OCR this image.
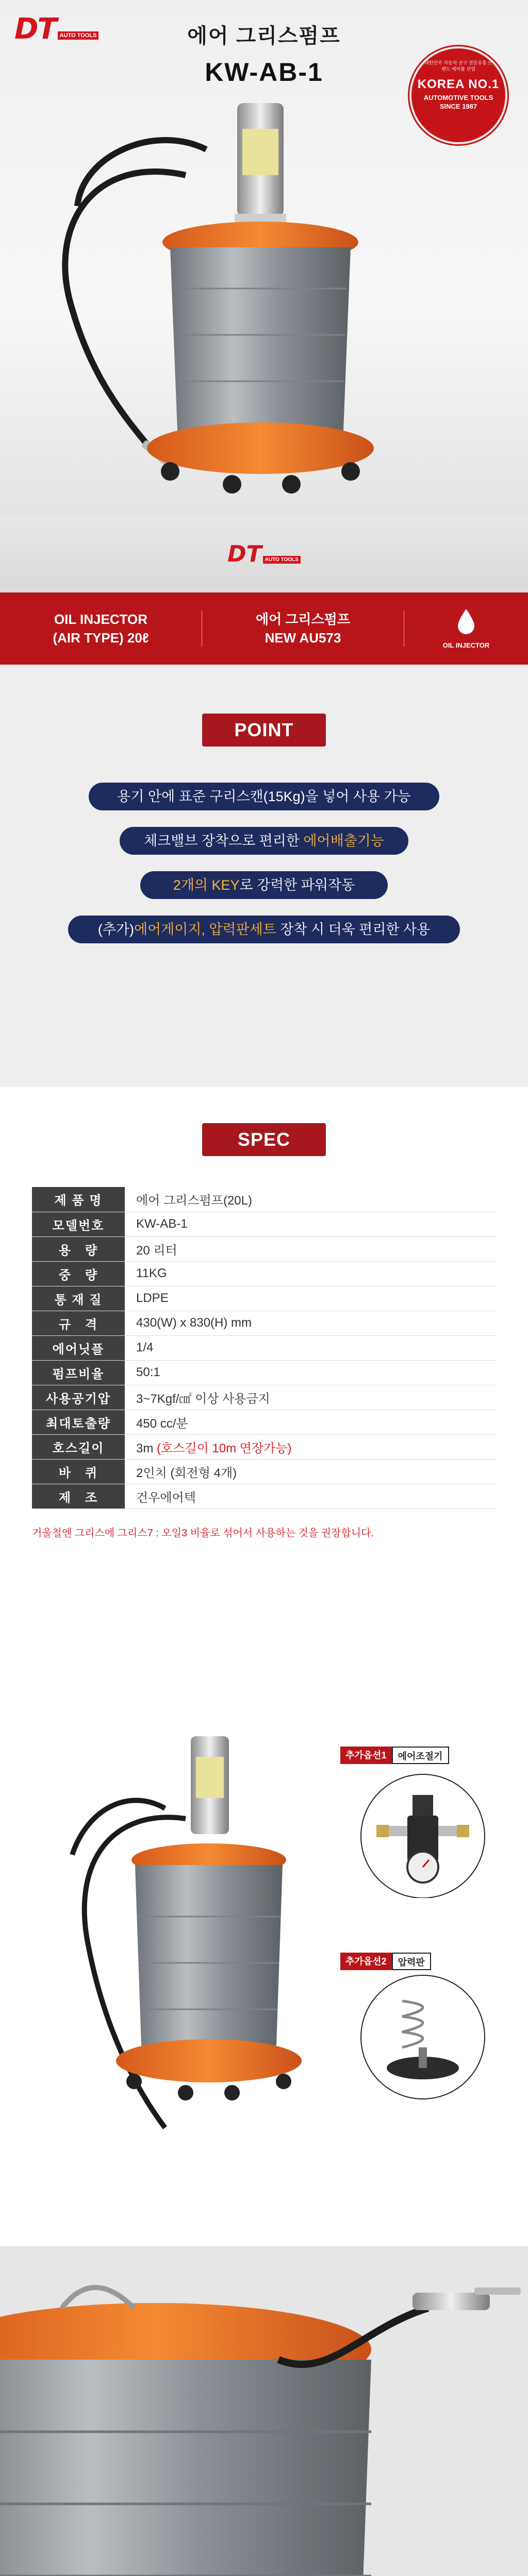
DT AUTO TOOLS	에어 그리스펌프
KW-AB-1	대한민국 자동차 공구 전문유통 브랜드 에어툴 산업
KOREA NO.1
AUTOMOTIVE TOOLS
SINCE 1987
DT AUTO TOOLS
OIL INJECTOR
(AIR TYPE) 20ℓ
에어 그리스펌프
NEW AU573	OIL INJECTOR
POINT
용기 안에 표준 구리스캔(15Kg)을 넣어 사용 가능
체크밸브 장착으로 편리한 에어배출기능
2개의 KEY로 강력한 파워작동
(추가)에어게이지, 압력판세트 장착 시 더욱 편리한 사용
SPEC
제 품 명	에어 그리스펌프(20L)
모델번호	KW-AB-1
용　량	20 리터
중　량	11KG
통 재 질	LDPE
규　격	430(W) x 830(H) mm
에어닛플	1/4
펌프비율	50:1
사용공기압	3~7Kgf/㎠ 이상 사용금지
최대토출량	450 cc/분
호스길이	3m (호스길이 10m 연장가능)
바　퀴	2인치 (회전형 4개)
제　조	건우에어텍
거울철엔 그리스에 그리스7 : 오일3 비율로 섞어서 사용하는 것을 권장합니다.
추가옵션1	에어조절기

추가옵션2	압력판
